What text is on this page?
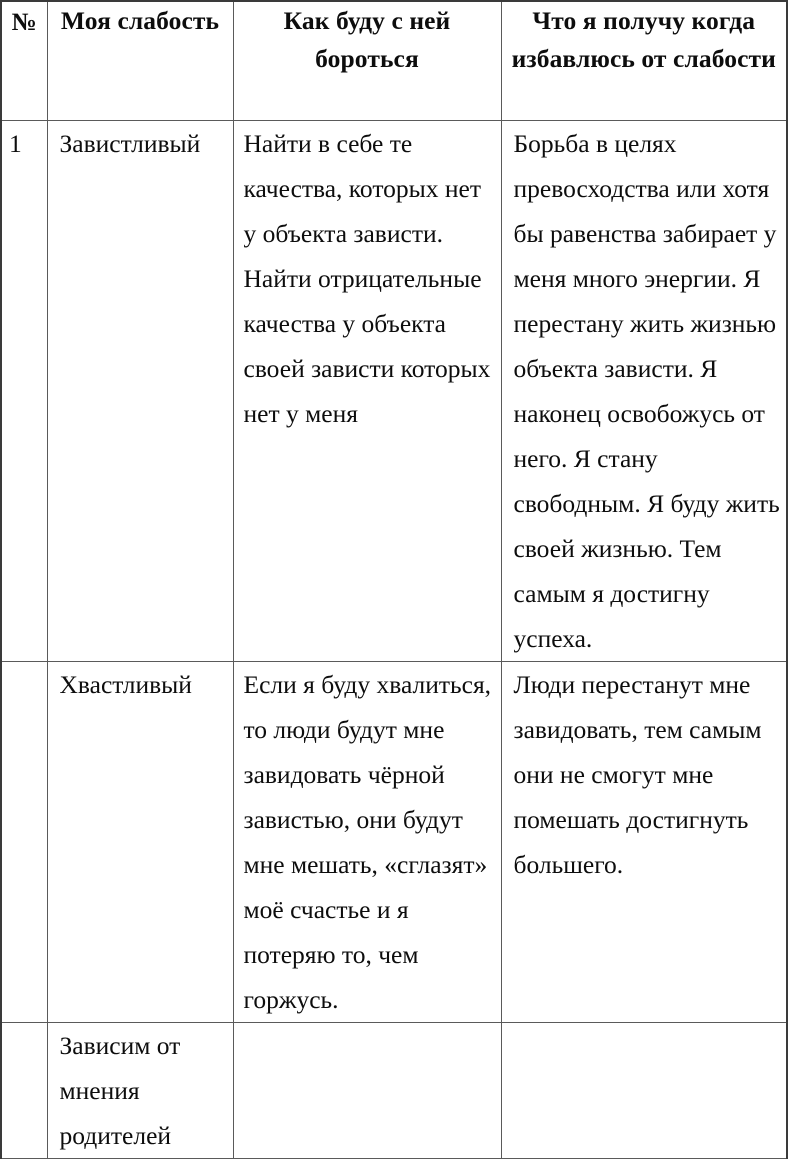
№	Моя слабость	Как буду с ней бороться	Что я получу когда избавлюсь от слабости
1	Завистливый	Найти в себе те качества, которых нет у объекта зависти. Найти отрицательные качества у объекта своей зависти которых нет у меня	Борьба в целях превосходства или хотя бы равенства забирает у меня много энергии. Я перестану жить жизнью объекта зависти. Я наконец освобожусь от него. Я стану свободным. Я буду жить своей жизнью. Тем самым я достигну успеха.
	Хвастливый	Если я буду хвалиться, то люди будут мне завидовать чёрной завистью, они будут мне мешать, «сглазят» моё счастье и я потеряю то, чем горжусь.	Люди перестанут мне завидовать, тем самым они не смогут мне помешать достигнуть большего.
	Зависим от мнения родителей		
